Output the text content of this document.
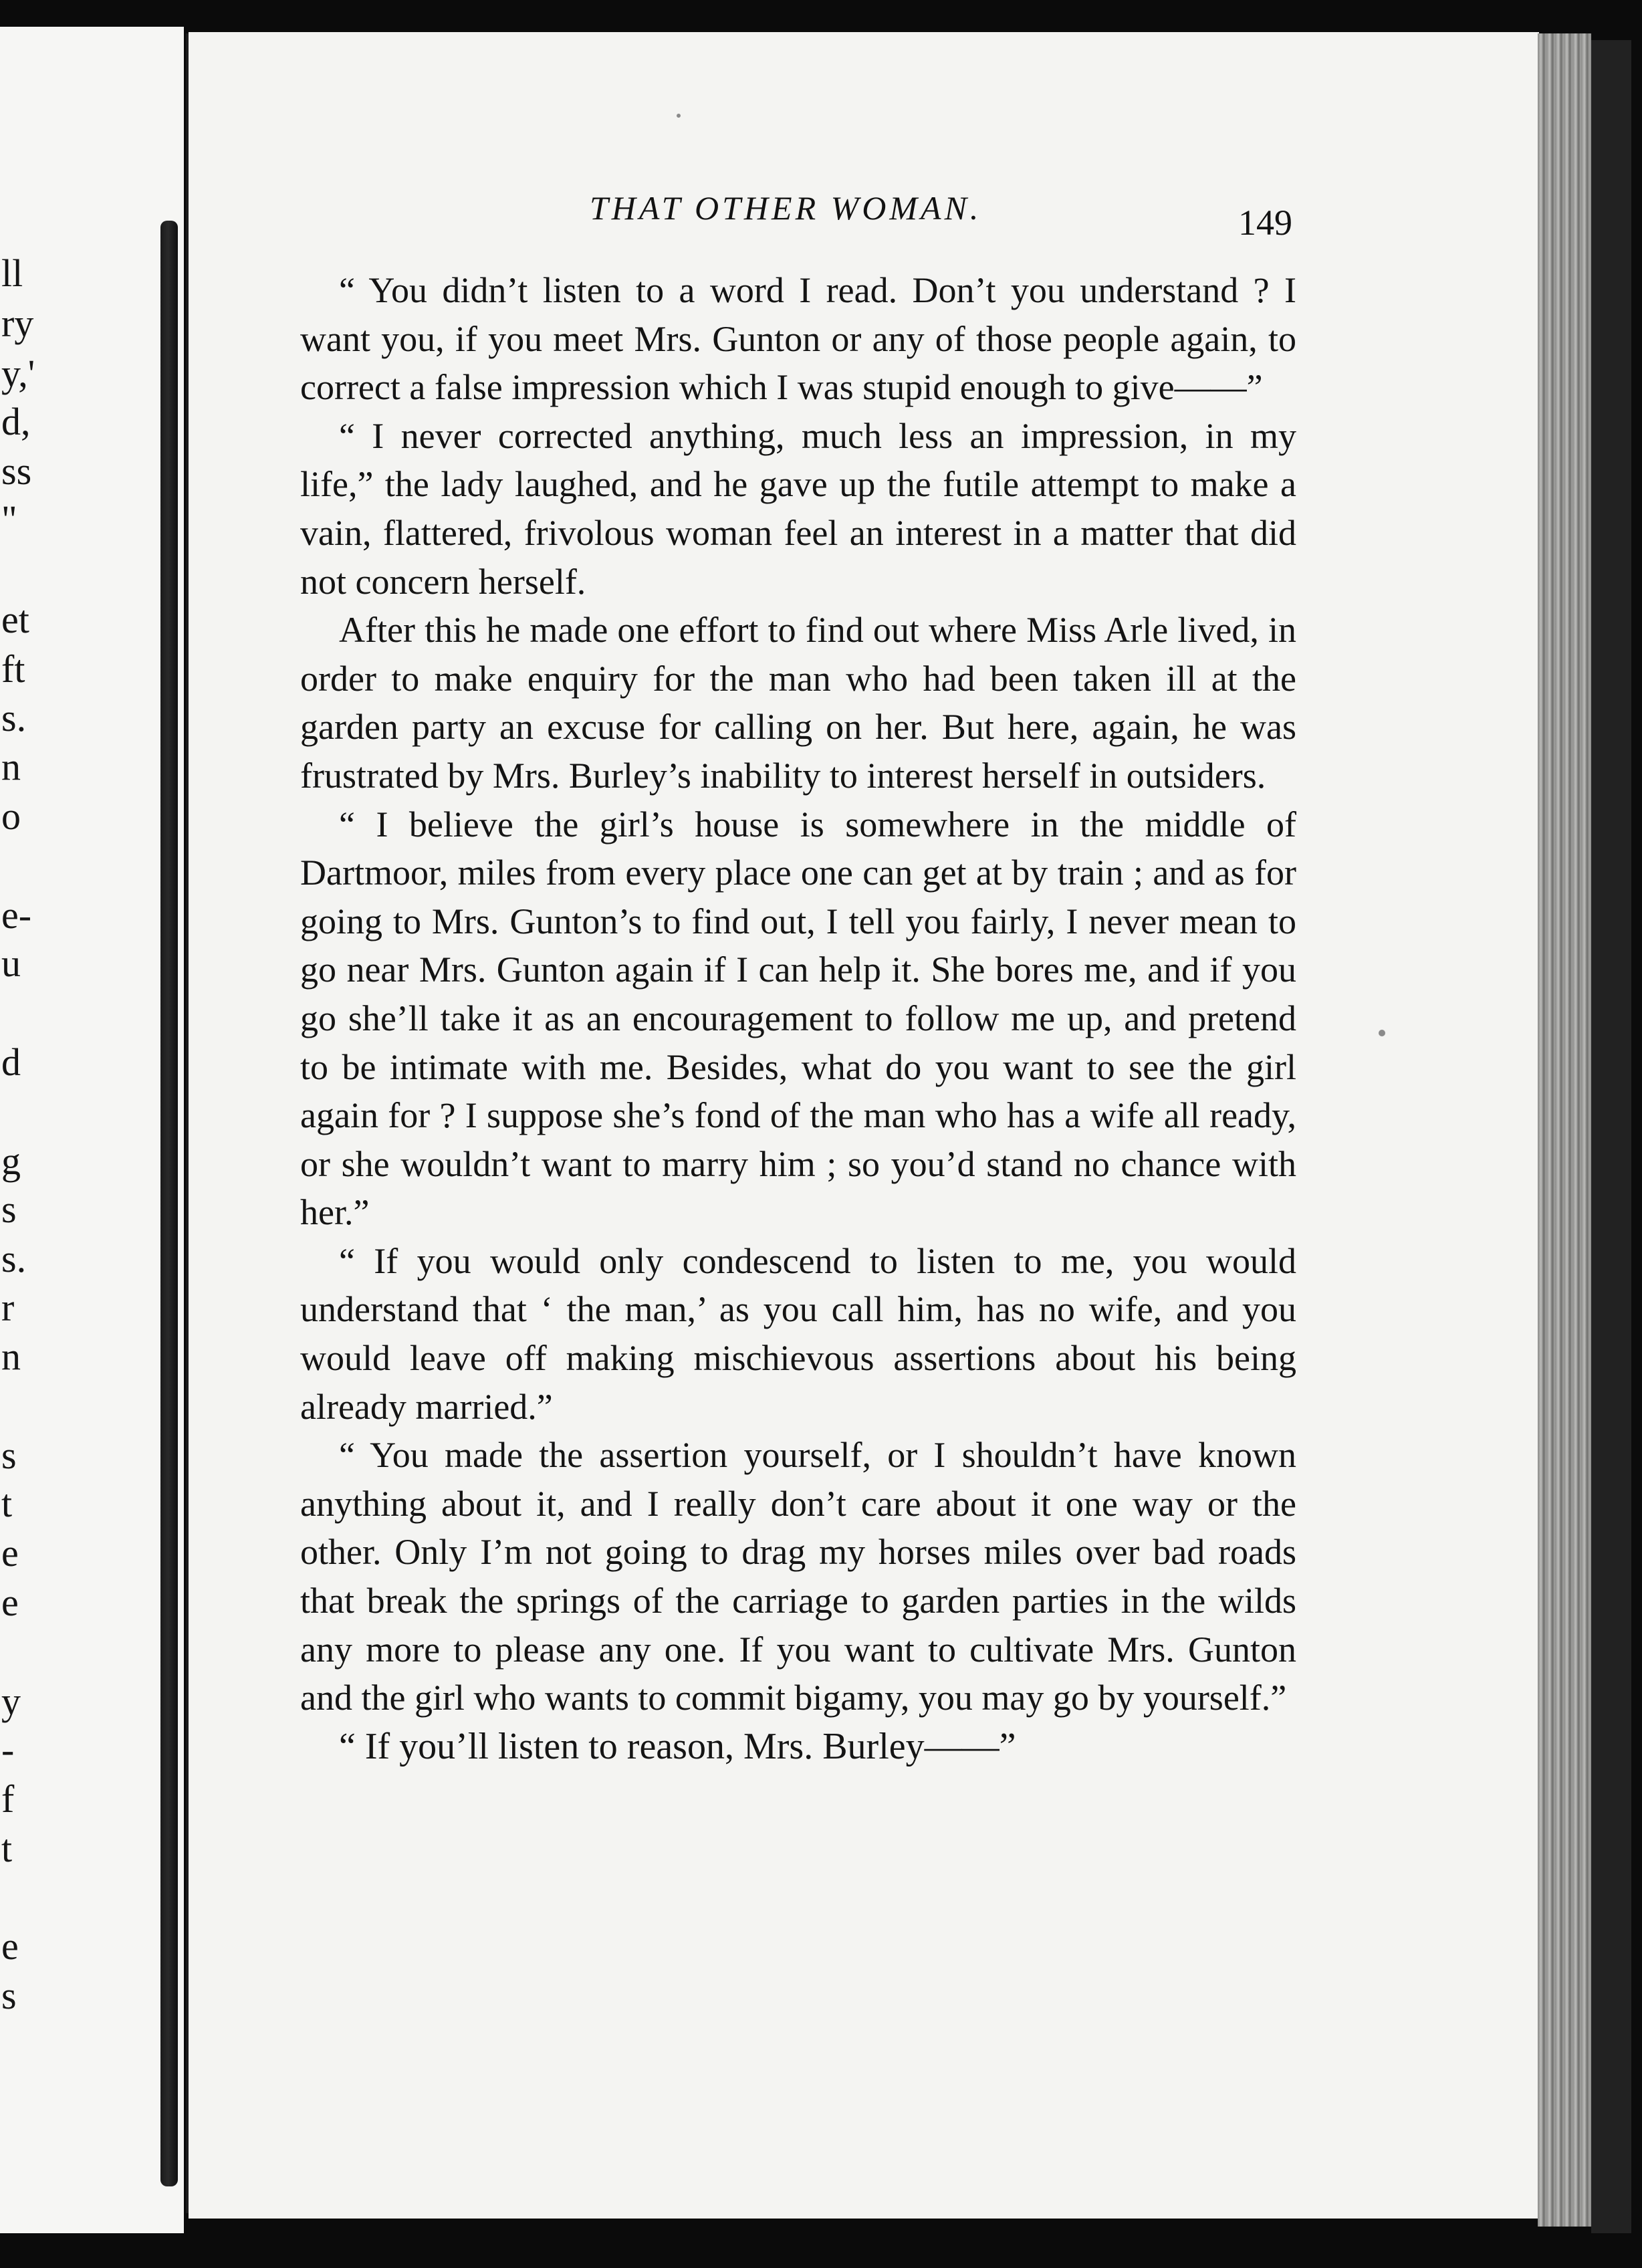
ll
ry
y,'
d,
ss
"
et
ft
s.
n
o
e-
u
d
g
s
s.
r
n
s
t
e
e
y
-
f
t
e
s
THAT OTHER WOMAN.	149

“ You didn’t listen to a word I read. Don’t you understand ? I want you, if you meet Mrs. Gunton or any of those people again, to correct a false impression which I was stupid enough to give——”

“ I never corrected anything, much less an impression, in my life,” the lady laughed, and he gave up the futile attempt to make a vain, flattered, frivolous woman feel an interest in a matter that did not concern herself.

After this he made one effort to find out where Miss Arle lived, in order to make enquiry for the man who had been taken ill at the garden party an excuse for calling on her. But here, again, he was frustrated by Mrs. Burley’s inability to interest herself in outsiders.

“ I believe the girl’s house is somewhere in the middle of Dartmoor, miles from every place one can get at by train ; and as for going to Mrs. Gunton’s to find out, I tell you fairly, I never mean to go near Mrs. Gunton again if I can help it. She bores me, and if you go she’ll take it as an encouragement to follow me up, and pretend to be intimate with me. Besides, what do you want to see the girl again for ? I suppose she’s fond of the man who has a wife all ready, or she wouldn’t want to marry him ; so you’d stand no chance with her.”

“ If you would only condescend to listen to me, you would understand that ‘ the man,’ as you call him, has no wife, and you would leave off making mischievous assertions about his being already married.”

“ You made the assertion yourself, or I shouldn’t have known anything about it, and I really don’t care about it one way or the other. Only I’m not going to drag my horses miles over bad roads that break the springs of the carriage to garden parties in the wilds any more to please any one. If you want to cultivate Mrs. Gunton and the girl who wants to commit bigamy, you may go by yourself.”

“ If you’ll listen to reason, Mrs. Burley——”
